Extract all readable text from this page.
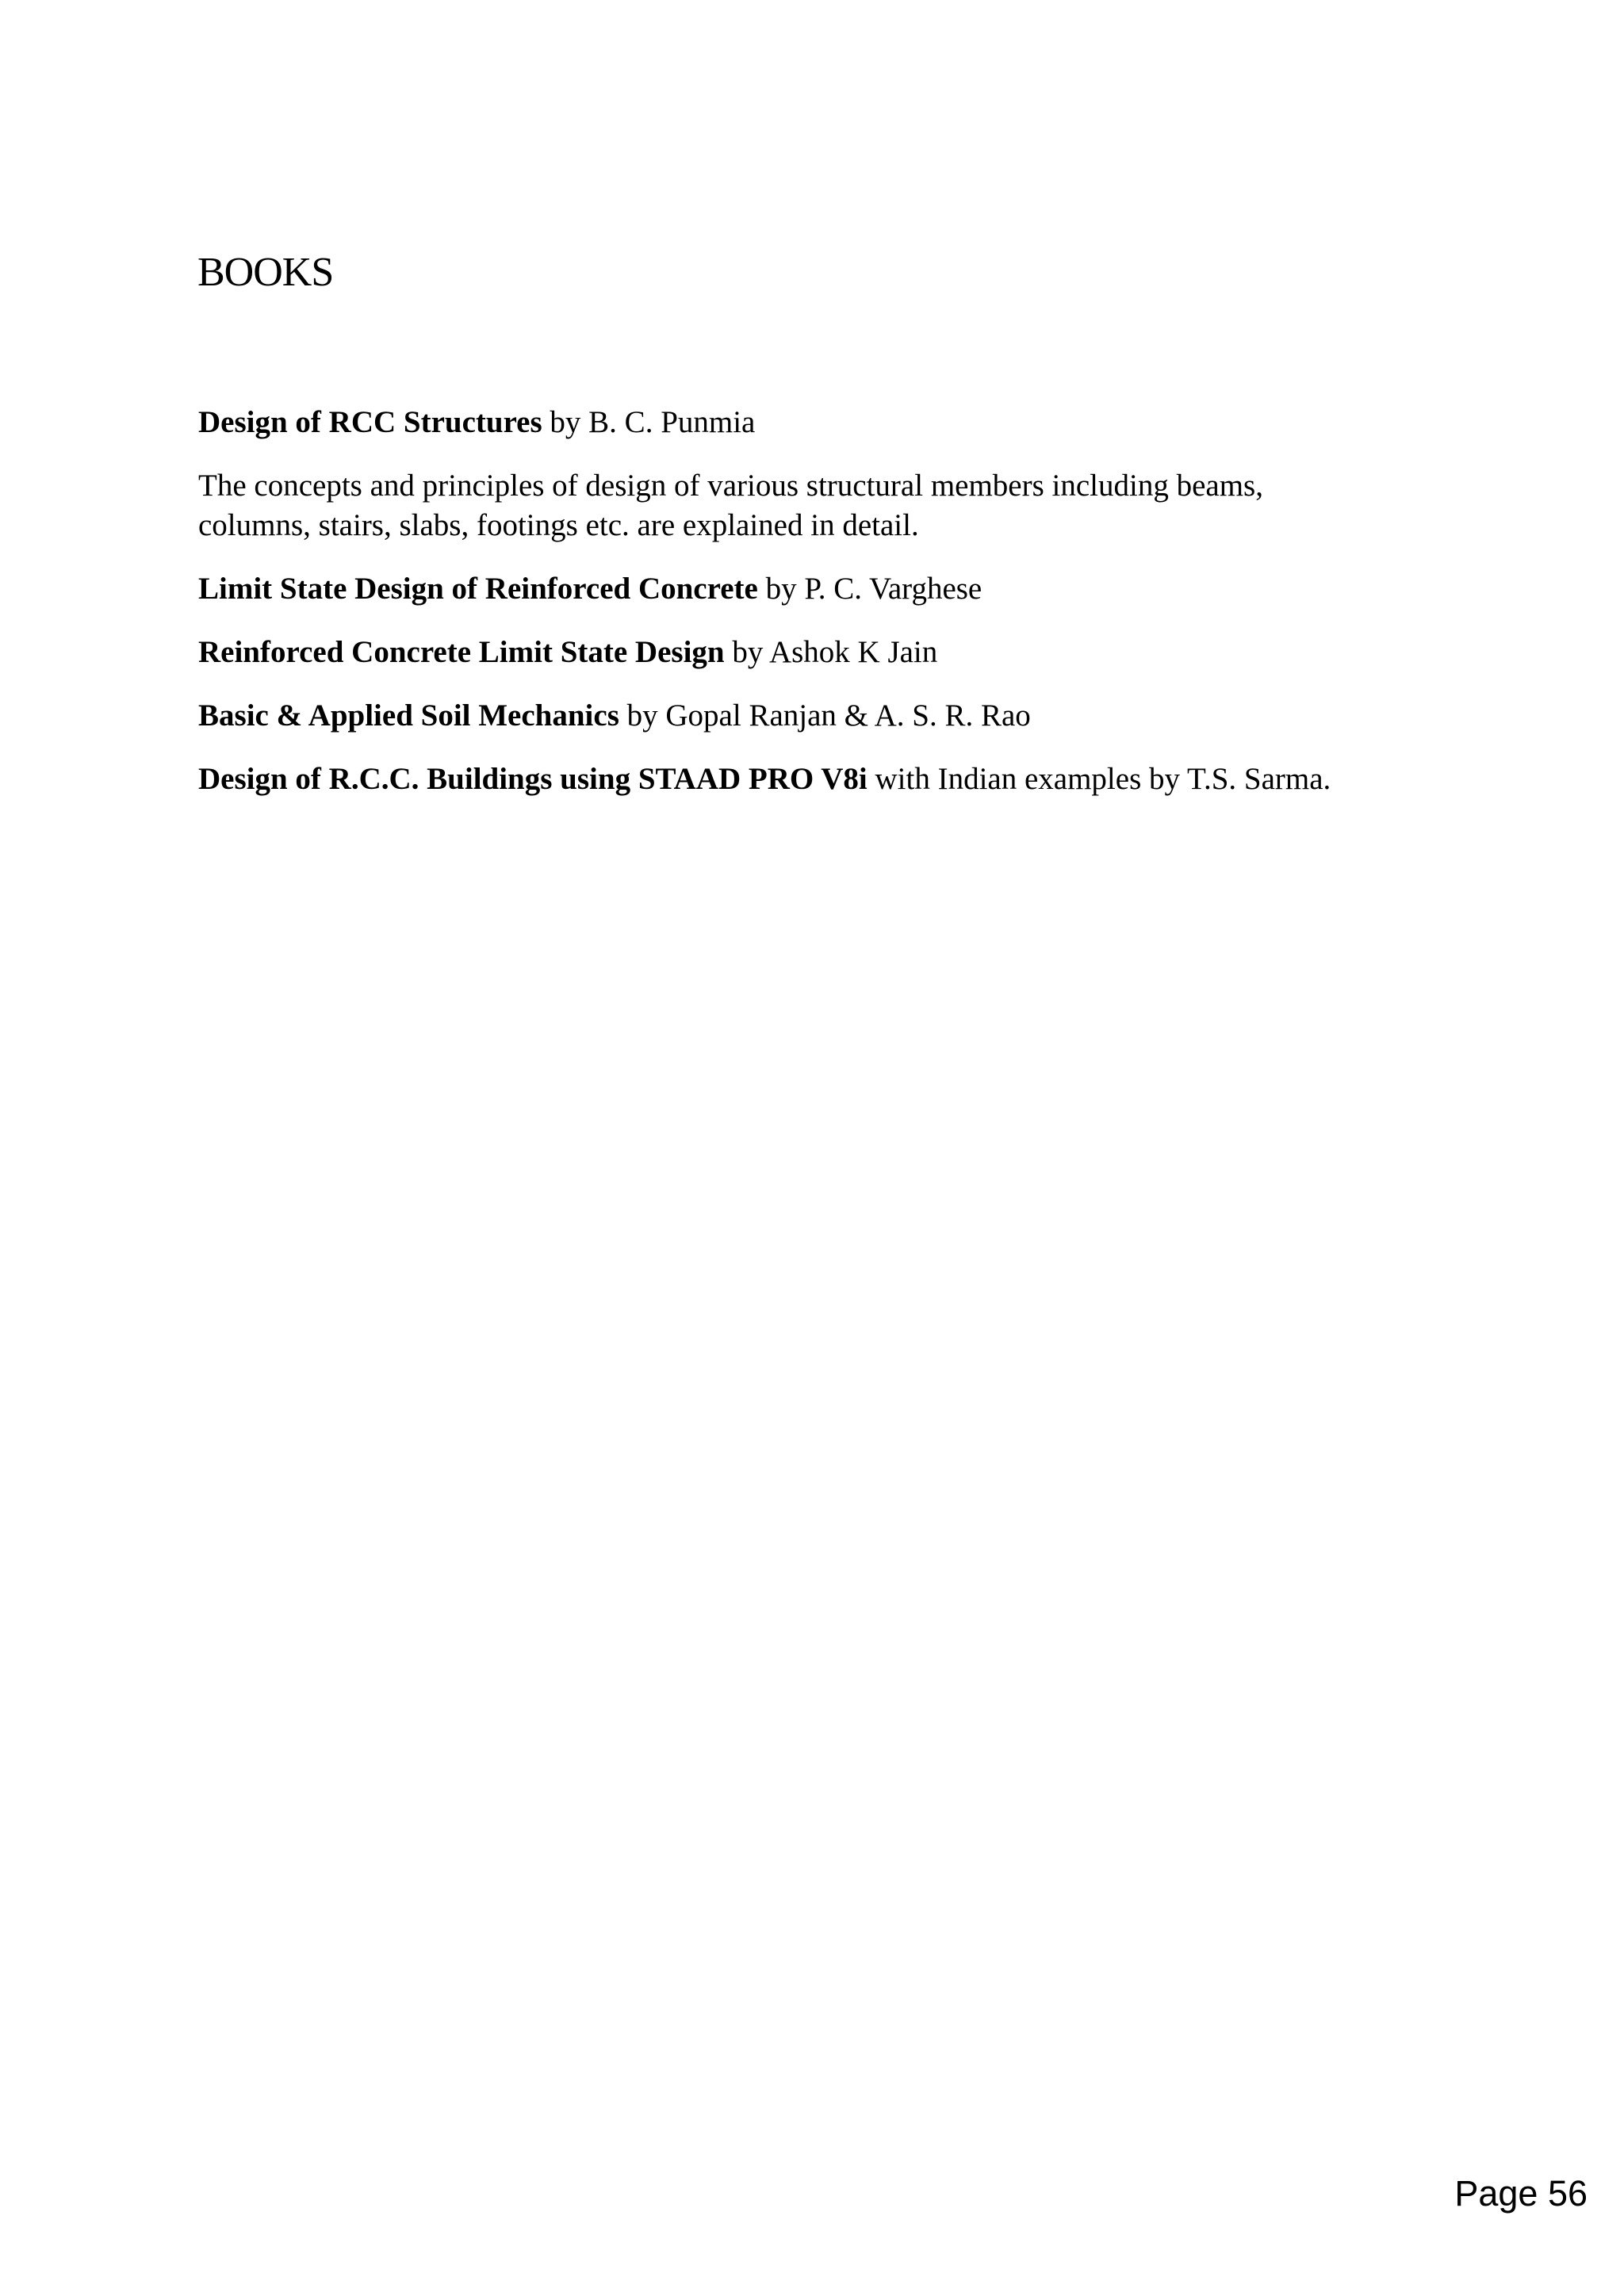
BOOKS

Design of RCC Structures by B. C. Punmia

The concepts and principles of design of various structural members including beams,
columns, stairs, slabs, footings etc. are explained in detail.

Limit State Design of Reinforced Concrete by P. C. Varghese

Reinforced Concrete Limit State Design by Ashok K Jain

Basic & Applied Soil Mechanics by Gopal Ranjan & A. S. R. Rao

Design of R.C.C. Buildings using STAAD PRO V8i with Indian examples by T.S. Sarma.

Page 56
